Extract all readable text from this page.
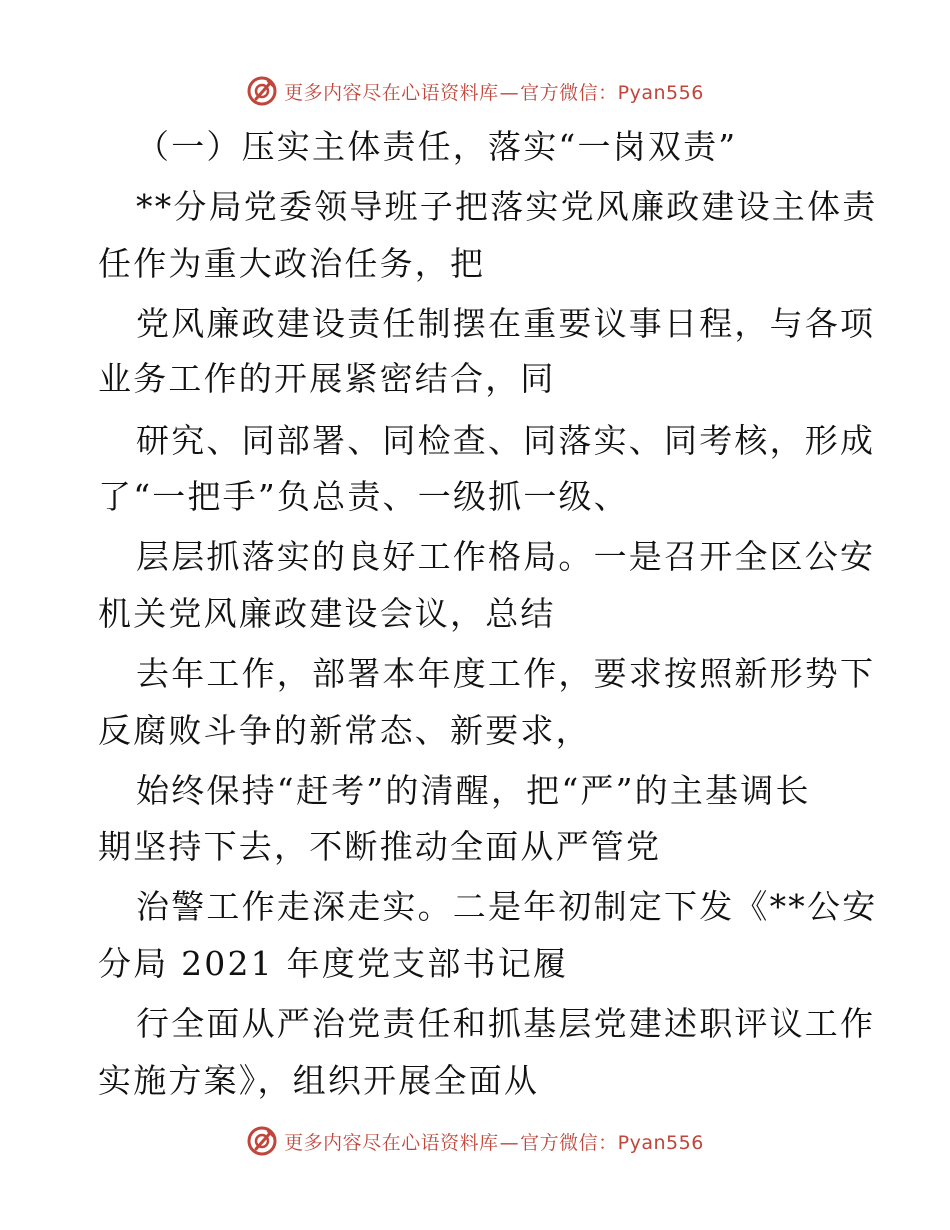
更多内容尽在心语资料库—官方微信：Pyan556
（一）压实主体责任，落实“一岗双责”
**分局党委领导班子把落实党风廉政建设主体责
任作为重大政治任务，把
党风廉政建设责任制摆在重要议事日程，与各项
业务工作的开展紧密结合，同
研究、同部署、同检查、同落实、同考核，形成
了“一把手”负总责、一级抓一级、
层层抓落实的良好工作格局。一是召开全区公安
机关党风廉政建设会议，总结
去年工作，部署本年度工作，要求按照新形势下
反腐败斗争的新常态、新要求，
始终保持“赶考”的清醒，把“严”的主基调长
期坚持下去，不断推动全面从严管党
治警工作走深走实。二是年初制定下发《**公安
分局 2021 年度党支部书记履
行全面从严治党责任和抓基层党建述职评议工作
实施方案》，组织开展全面从
更多内容尽在心语资料库—官方微信：Pyan556
